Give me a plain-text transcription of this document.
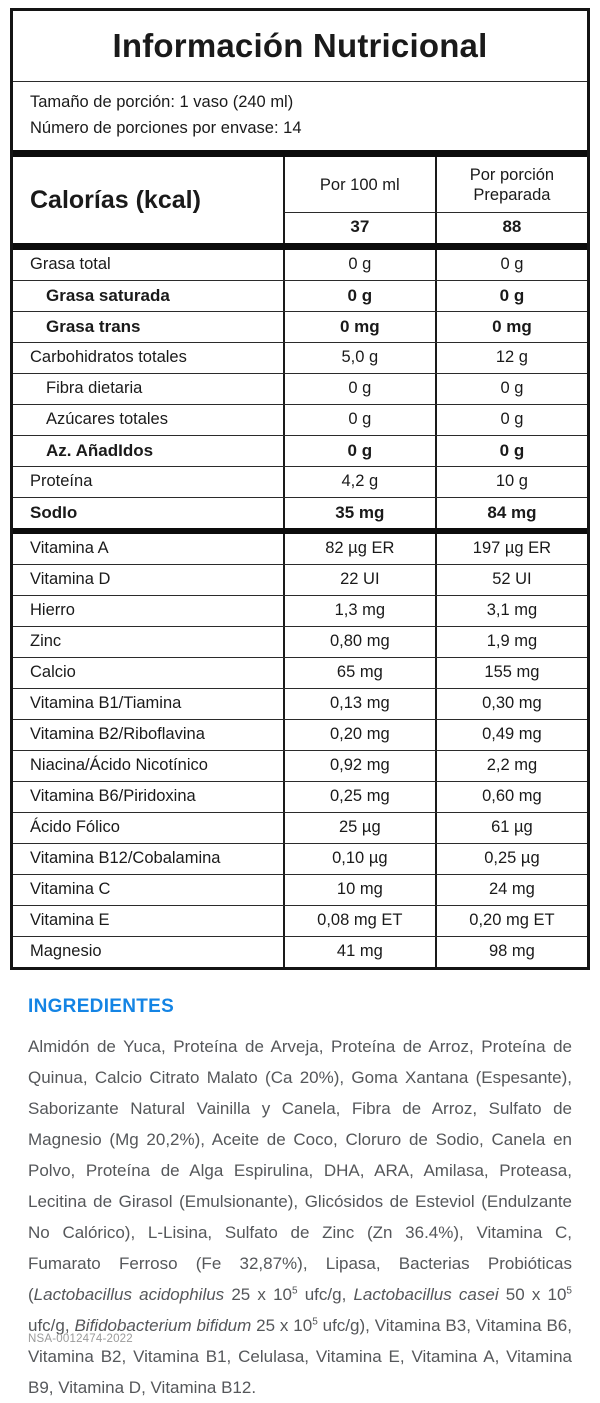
Información Nutricional
Tamaño de porción: 1 vaso (240 ml)
Número de porciones por envase: 14
Calorías (kcal)
Por 100 ml
Por porción Preparada
37	88
Grasa total	0 g	0 g
Grasa saturada	0 g	0 g
Grasa trans	0 mg	0 mg
Carbohidratos totales	5,0 g	12 g
Fibra dietaria	0 g	0 g
Azúcares totales	0 g	0 g
Az. AñadIdos	0 g	0 g
Proteína	4,2 g	10 g
SodIo	35 mg	84 mg
Vitamina A	82 µg ER	197 µg ER
Vitamina D	22 UI	52 UI
Hierro	1,3 mg	3,1 mg
Zinc	0,80 mg	1,9 mg
Calcio	65 mg	155 mg
Vitamina B1/Tiamina	0,13 mg	0,30 mg
Vitamina B2/Riboflavina	0,20 mg	0,49 mg
Niacina/Ácido Nicotínico	0,92 mg	2,2 mg
Vitamina B6/Piridoxina	0,25 mg	0,60 mg
Ácido Fólico	25 µg	61 µg
Vitamina B12/Cobalamina	0,10 µg	0,25 µg
Vitamina C	10 mg	24 mg
Vitamina E	0,08 mg ET	0,20 mg ET
Magnesio	41 mg	98 mg
INGREDIENTES

Almidón de Yuca, Proteína de Arveja, Proteína de Arroz, Proteína de Quinua, Calcio Citrato Malato (Ca 20%), Goma Xantana (Espesante), Saborizante Natural Vainilla y Canela, Fibra de Arroz, Sulfato de Magnesio (Mg 20,2%), Aceite de Coco, Cloruro de Sodio, Canela en Polvo, Proteína de Alga Espirulina, DHA, ARA, Amilasa, Proteasa, Lecitina de Girasol (Emulsionante), Glicósidos de Esteviol (Endulzante No Calórico), L-Lisina, Sulfato de Zinc (Zn 36.4%), Vitamina C, Fumarato Ferroso (Fe 32,87%), Lipasa, Bacterias Probióticas (Lactobacillus acidophilus 25 x $10^5$ ufc/g, Lactobacillus casei 50 x $10^5$ ufc/g, Bifidobacterium bifidum 25 x $10^5$ ufc/g), Vitamina B3, Vitamina B6, Vitamina B2, Vitamina B1, Celulasa, Vitamina E, Vitamina A, Vitamina B9, Vitamina D, Vitamina B12.

NSA-0012474-2022
